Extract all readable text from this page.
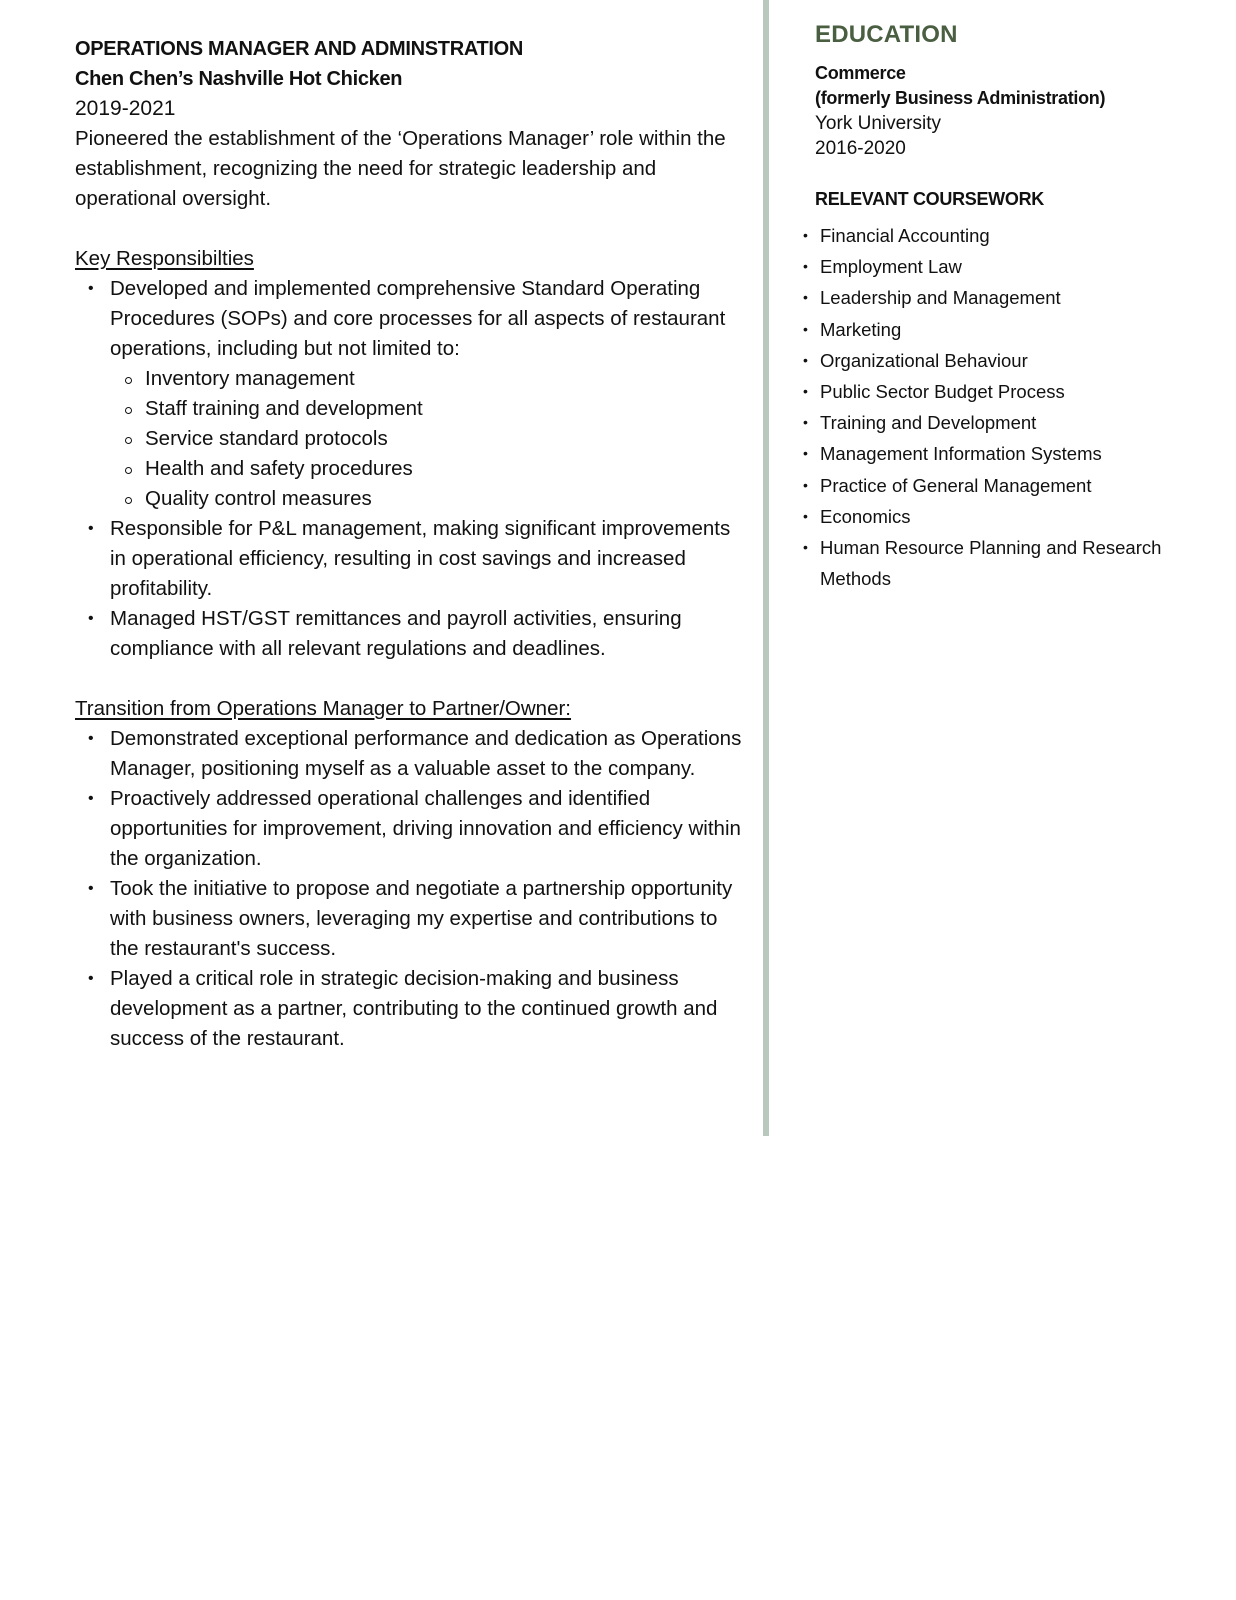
OPERATIONS MANAGER AND ADMINSTRATION
Chen Chen’s Nashville Hot Chicken
2019-2021
Pioneered the establishment of the ‘Operations Manager’ role within the establishment, recognizing the need for strategic leadership and operational oversight.
Key Responsibilties
• Developed and implemented comprehensive Standard Operating Procedures (SOPs) and core processes for all aspects of restaurant operations, including but not limited to:
Inventory management
Staff training and development
Service standard protocols
Health and safety procedures
Quality control measures
• Responsible for P&L management, making significant improvements in operational efficiency, resulting in cost savings and increased profitability.
• Managed HST/GST remittances and payroll activities, ensuring compliance with all relevant regulations and deadlines.
Transition from Operations Manager to Partner/Owner:
• Demonstrated exceptional performance and dedication as Operations Manager, positioning myself as a valuable asset to the company.
• Proactively addressed operational challenges and identified opportunities for improvement, driving innovation and efficiency within the organization.
• Took the initiative to propose and negotiate a partnership opportunity with business owners, leveraging my expertise and contributions to the restaurant's success.
• Played a critical role in strategic decision-making and business development as a partner, contributing to the continued growth and success of the restaurant.
EDUCATION
Commerce
(formerly Business Administration)
York University
2016-2020
RELEVANT COURSEWORK
• Financial Accounting
• Employment Law
• Leadership and Management
• Marketing
• Organizational Behaviour
• Public Sector Budget Process
• Training and Development
• Management Information Systems
• Practice of General Management
• Economics
• Human Resource Planning and Research Methods
